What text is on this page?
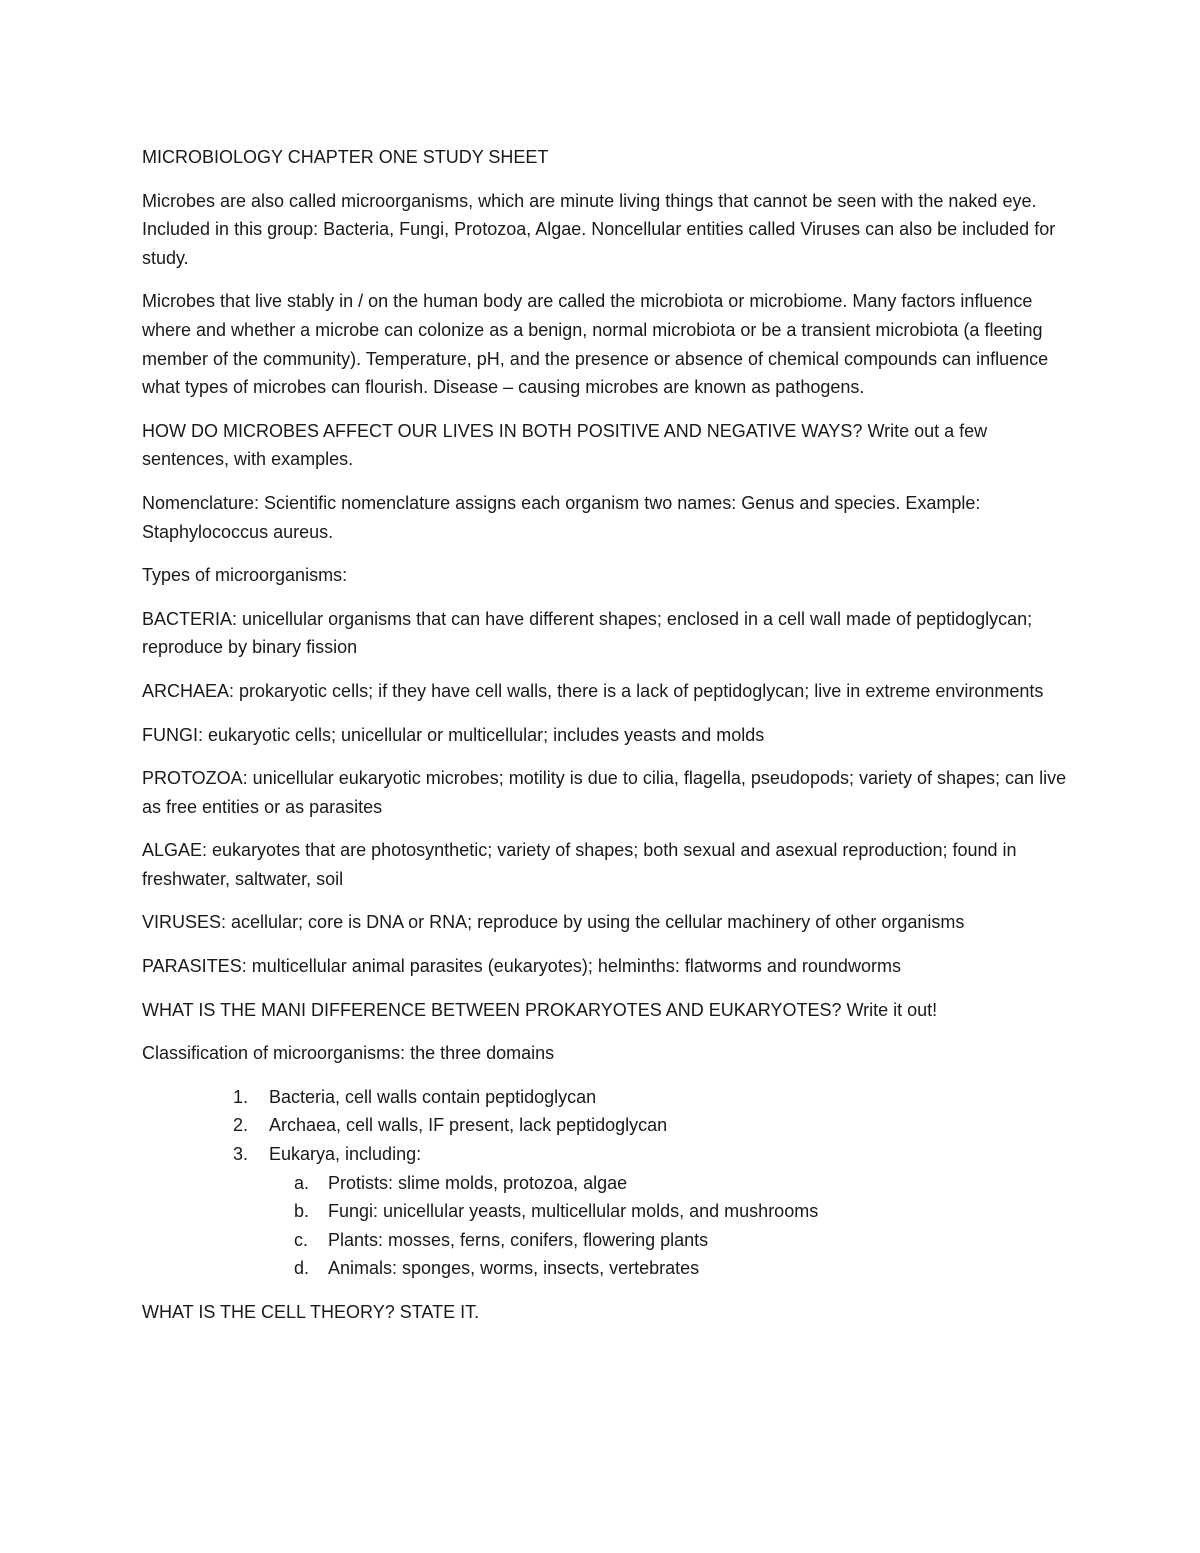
MICROBIOLOGY CHAPTER ONE STUDY SHEET

Microbes are also called microorganisms, which are minute living things that cannot be seen with the naked eye. Included in this group: Bacteria, Fungi, Protozoa, Algae. Noncellular entities called Viruses can also be included for study.

Microbes that live stably in / on the human body are called the microbiota or microbiome. Many factors influence where and whether a microbe can colonize as a benign, normal microbiota or be a transient microbiota (a fleeting member of the community). Temperature, pH, and the presence or absence of chemical compounds can influence what types of microbes can flourish. Disease – causing microbes are known as pathogens.

HOW DO MICROBES AFFECT OUR LIVES IN BOTH POSITIVE AND NEGATIVE WAYS? Write out a few sentences, with examples.

Nomenclature: Scientific nomenclature assigns each organism two names: Genus and species. Example: Staphylococcus aureus.

Types of microorganisms:

BACTERIA: unicellular organisms that can have different shapes; enclosed in a cell wall made of peptidoglycan; reproduce by binary fission

ARCHAEA: prokaryotic cells; if they have cell walls, there is a lack of peptidoglycan; live in extreme environments

FUNGI: eukaryotic cells; unicellular or multicellular; includes yeasts and molds

PROTOZOA: unicellular eukaryotic microbes; motility is due to cilia, flagella, pseudopods; variety of shapes; can live as free entities or as parasites

ALGAE: eukaryotes that are photosynthetic; variety of shapes; both sexual and asexual reproduction; found in freshwater, saltwater, soil

VIRUSES: acellular; core is DNA or RNA; reproduce by using the cellular machinery of other organisms

PARASITES: multicellular animal parasites (eukaryotes); helminths: flatworms and roundworms

WHAT IS THE MANI DIFFERENCE BETWEEN PROKARYOTES AND EUKARYOTES? Write it out!

Classification of microorganisms: the three domains

1.	Bacteria, cell walls contain peptidoglycan
2.	Archaea, cell walls, IF present, lack peptidoglycan
3.	Eukarya, including:
a.	Protists: slime molds, protozoa, algae
b.	Fungi: unicellular yeasts, multicellular molds, and mushrooms
c.	Plants: mosses, ferns, conifers, flowering plants
d.	Animals: sponges, worms, insects, vertebrates

WHAT IS THE CELL THEORY? STATE IT.
